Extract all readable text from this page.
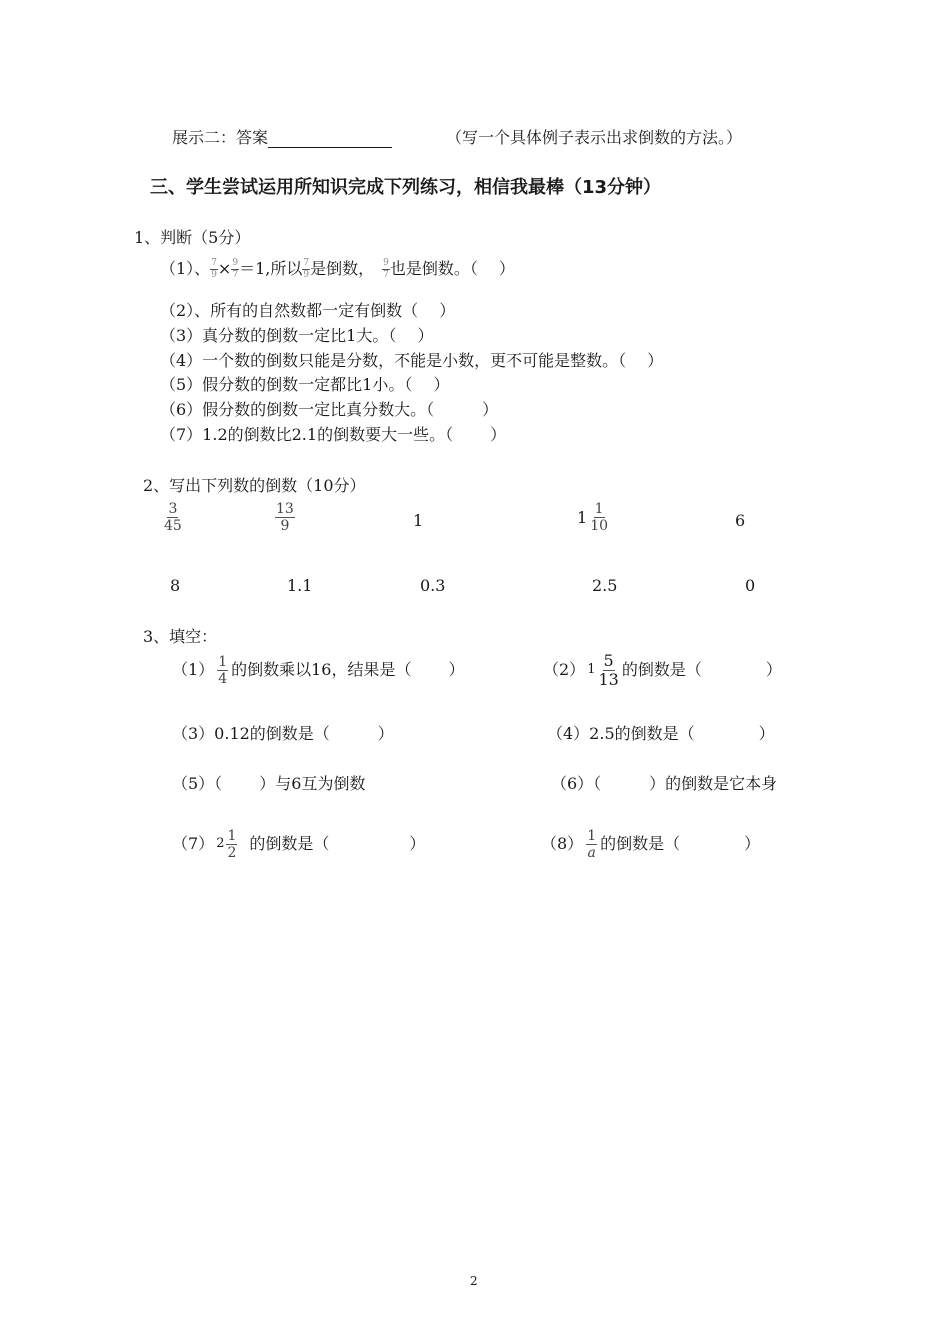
展示二：答案	（写一个具体例子表示出求倒数的方法。）
三、学生尝试运用所知识完成下列练习，相信我最棒（13分钟）
1、判断（5分）
（1）、 $\frac{7}{9} \times \frac{9}{7} =1$,所以 $\frac{7}{9}$ 是倒数， $\frac{9}{7}$ 也是倒数。（　 ）
（2）、所有的自然数都一定有倒数（　 ）
（3）真分数的倒数一定比1大。（　 ）
（4）一个数的倒数只能是分数，不能是小数，更不可能是整数。（　 ）
（5）假分数的倒数一定都比1小。（　 ）
（6）假分数的倒数一定比真分数大。（　　　）
（7）1.2的倒数比2.1的倒数要大一些。（　　 ）
2、写出下列数的倒数（10分）
$\frac{3}{45}$	$\frac{13}{9}$	1	$1 \frac{1}{10}$	6
8	1.1	0.3	2.5	0
3、填空：
$(1) \frac{1}{4}$ 的倒数乘以16，结果是（　　 ）	（2） $1 \frac{5}{13}$ 的倒数是（　　　　）
（3）0.12的倒数是（　　　）	（4）2.5的倒数是（　　　　）
（5）（　　 ）与6互为倒数	（6）（　　　）的倒数是它本身
（7） $2 \frac{1}{2}$ 的倒数是（　　　　　）	$(8) \frac{1}{a}$ 的倒数是（　　　　）
2
